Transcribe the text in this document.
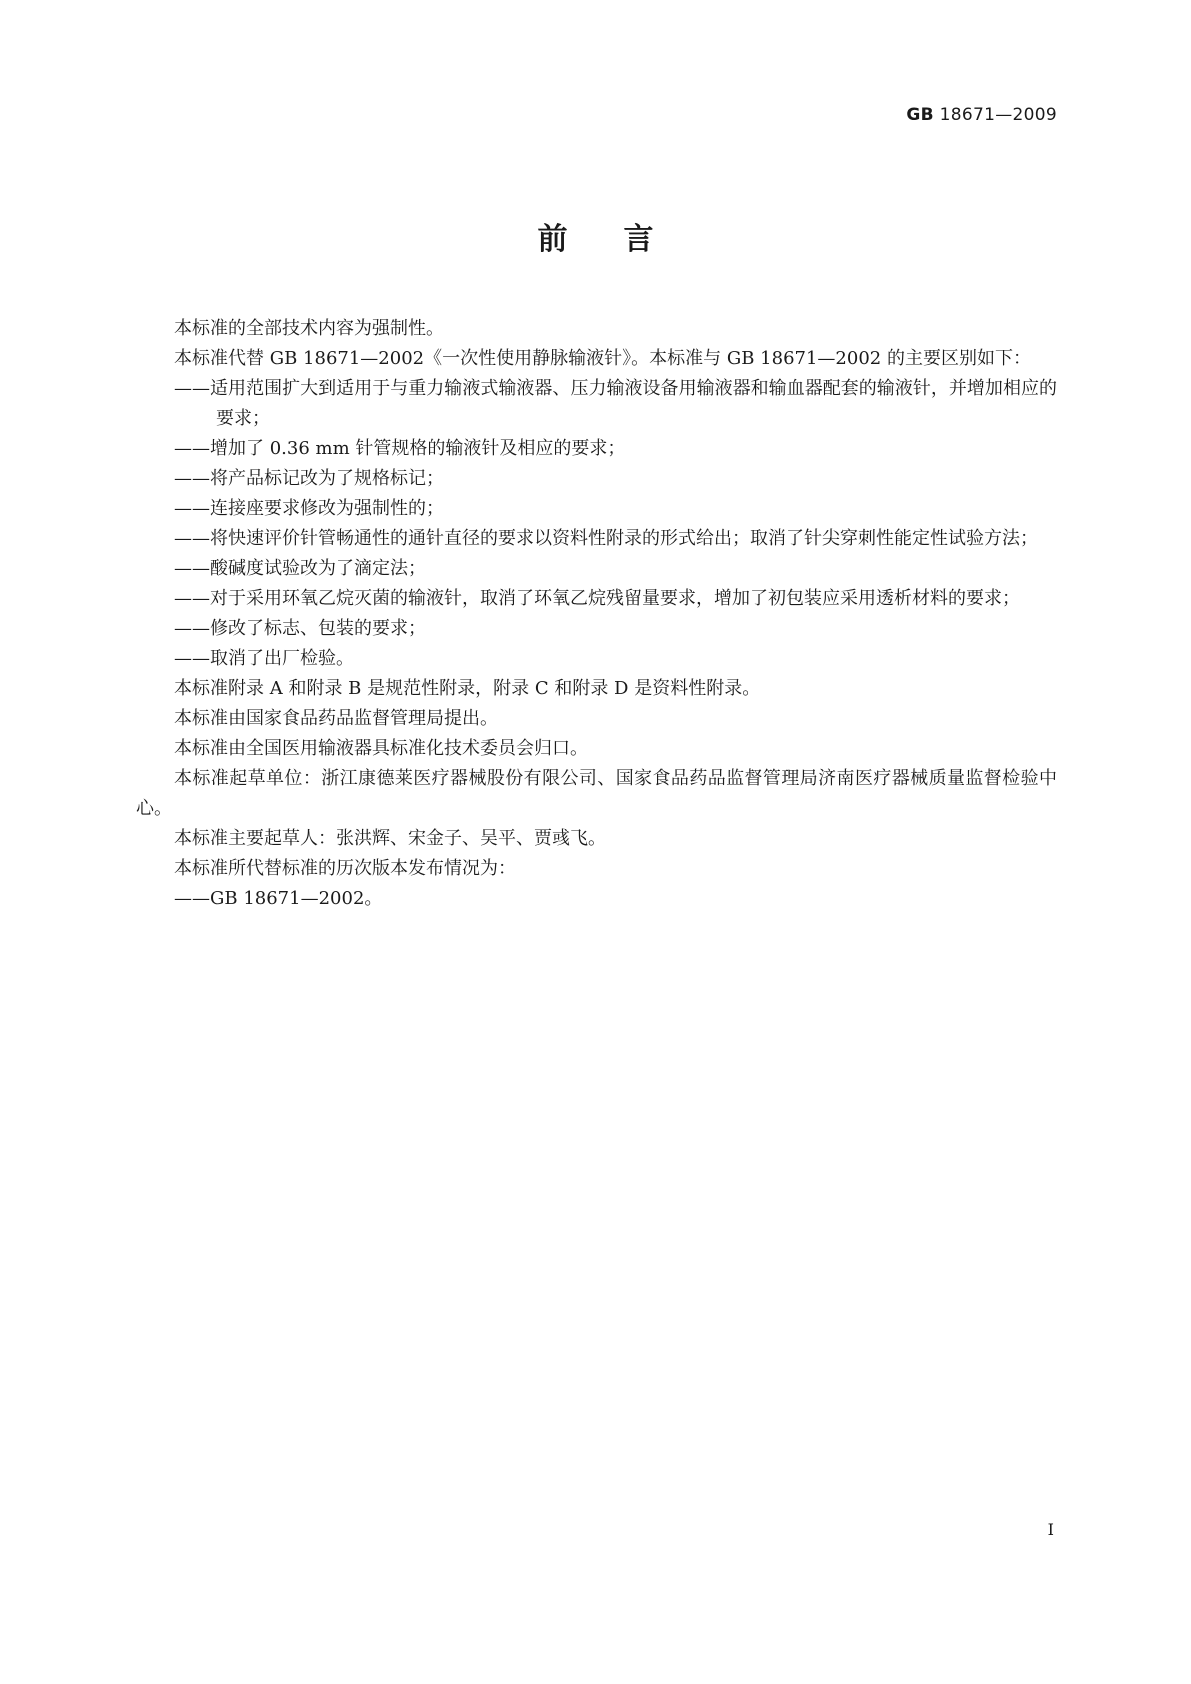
GB 18671—2009
前言

本标准的全部技术内容为强制性。

本标准代替 GB 18671—2002《一次性使用静脉输液针》。本标准与 GB 18671—2002 的主要区别如下：

——适用范围扩大到适用于与重力输液式输液器、压力输液设备用输液器和输血器配套的输液针，并增加相应的要求；

——增加了 0.36 mm 针管规格的输液针及相应的要求；

——将产品标记改为了规格标记；

——连接座要求修改为强制性的；

——将快速评价针管畅通性的通针直径的要求以资料性附录的形式给出；取消了针尖穿刺性能定性试验方法；

——酸碱度试验改为了滴定法；

——对于采用环氧乙烷灭菌的输液针，取消了环氧乙烷残留量要求，增加了初包装应采用透析材料的要求；

——修改了标志、包装的要求；

——取消了出厂检验。

本标准附录 A 和附录 B 是规范性附录，附录 C 和附录 D 是资料性附录。

本标准由国家食品药品监督管理局提出。

本标准由全国医用输液器具标准化技术委员会归口。

本标准起草单位：浙江康德莱医疗器械股份有限公司、国家食品药品监督管理局济南医疗器械质量监督检验中心。

本标准主要起草人：张洪辉、宋金子、吴平、贾彧飞。

本标准所代替标准的历次版本发布情况为：

——GB 18671—2002。

I
